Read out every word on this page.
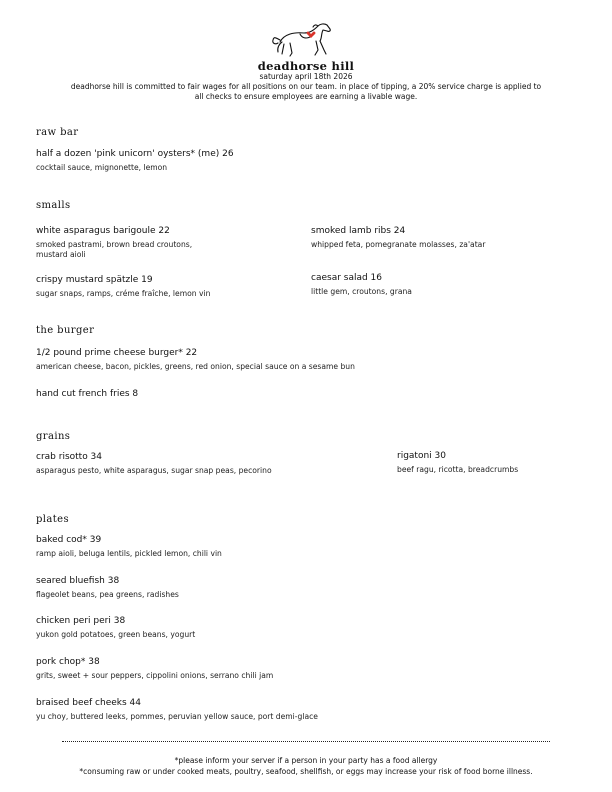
deadhorse hill
saturday april 18th 2026
deadhorse hill is committed to fair wages for all positions on our team. in place of tipping, a 20% service charge is applied to
all checks to ensure employees are earning a livable wage.
raw bar
half a dozen 'pink unicorn' oysters* (me) 26
cocktail sauce, mignonette, lemon
smalls
white asparagus barigoule 22
smoked pastrami, brown bread croutons,
mustard aioli
smoked lamb ribs 24
whipped feta, pomegranate molasses, za'atar
crispy mustard spätzle 19
sugar snaps, ramps, créme fraîche, lemon vin
caesar salad 16
little gem, croutons, grana
the burger
1/2 pound prime cheese burger* 22
american cheese, bacon, pickles, greens, red onion, special sauce on a sesame bun
hand cut french fries 8
grains
crab risotto 34
asparagus pesto, white asparagus, sugar snap peas, pecorino
rigatoni 30
beef ragu, ricotta, breadcrumbs
plates
baked cod* 39
ramp aioli, beluga lentils, pickled lemon, chili vin
seared bluefish 38
flageolet beans, pea greens, radishes
chicken peri peri 38
yukon gold potatoes, green beans, yogurt
pork chop* 38
grits, sweet + sour peppers, cippolini onions, serrano chili jam
braised beef cheeks 44
yu choy, buttered leeks, pommes, peruvian yellow sauce, port demi-glace
*please inform your server if a person in your party has a food allergy
*consuming raw or under cooked meats, poultry, seafood, shellfish, or eggs may increase your risk of food borne illness.
